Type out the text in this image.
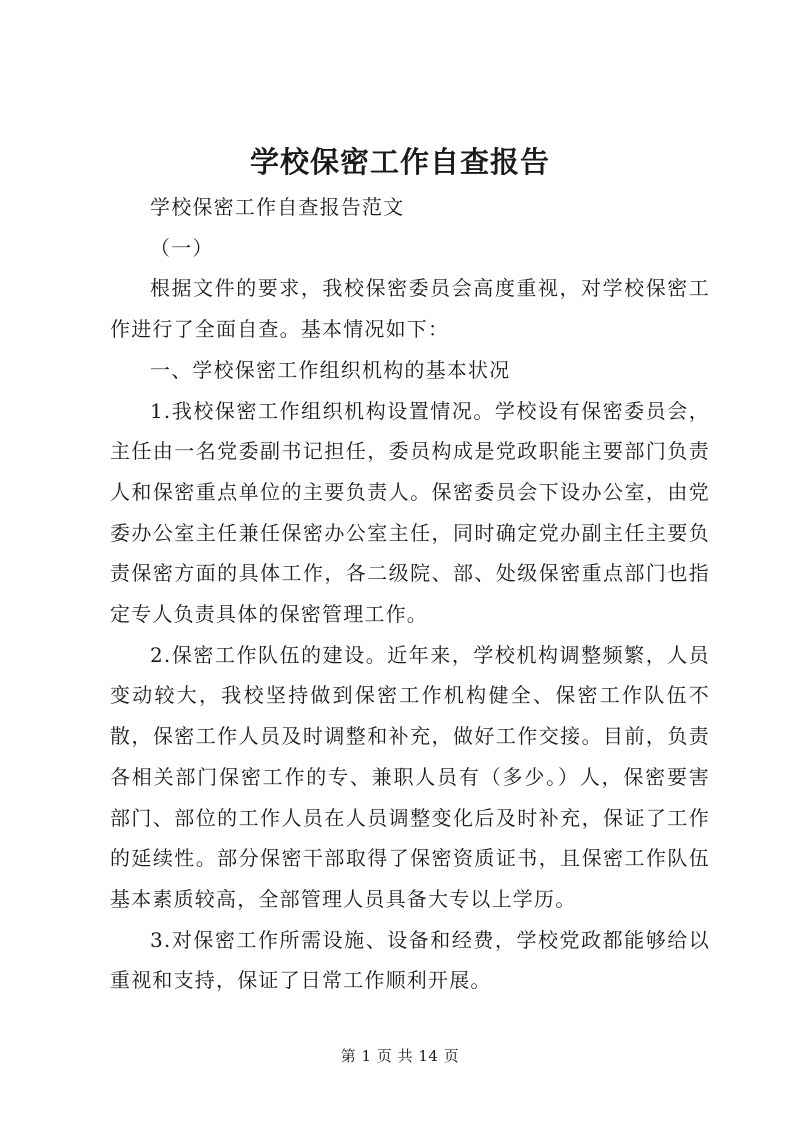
学校保密工作自查报告

学校保密工作自查报告范文

（一）

根据文件的要求，我校保密委员会高度重视，对学校保密工作进行了全面自查。基本情况如下：

一、学校保密工作组织机构的基本状况

1.我校保密工作组织机构设置情况。学校设有保密委员会，主任由一名党委副书记担任，委员构成是党政职能主要部门负责人和保密重点单位的主要负责人。保密委员会下设办公室，由党委办公室主任兼任保密办公室主任，同时确定党办副主任主要负责保密方面的具体工作，各二级院、部、处级保密重点部门也指定专人负责具体的保密管理工作。

2.保密工作队伍的建设。近年来，学校机构调整频繁，人员变动较大，我校坚持做到保密工作机构健全、保密工作队伍不散，保密工作人员及时调整和补充，做好工作交接。目前，负责各相关部门保密工作的专、兼职人员有（多少。）人，保密要害部门、部位的工作人员在人员调整变化后及时补充，保证了工作的延续性。部分保密干部取得了保密资质证书，且保密工作队伍基本素质较高，全部管理人员具备大专以上学历。

3.对保密工作所需设施、设备和经费，学校党政都能够给以重视和支持，保证了日常工作顺利开展。

第 1 页 共 14 页
